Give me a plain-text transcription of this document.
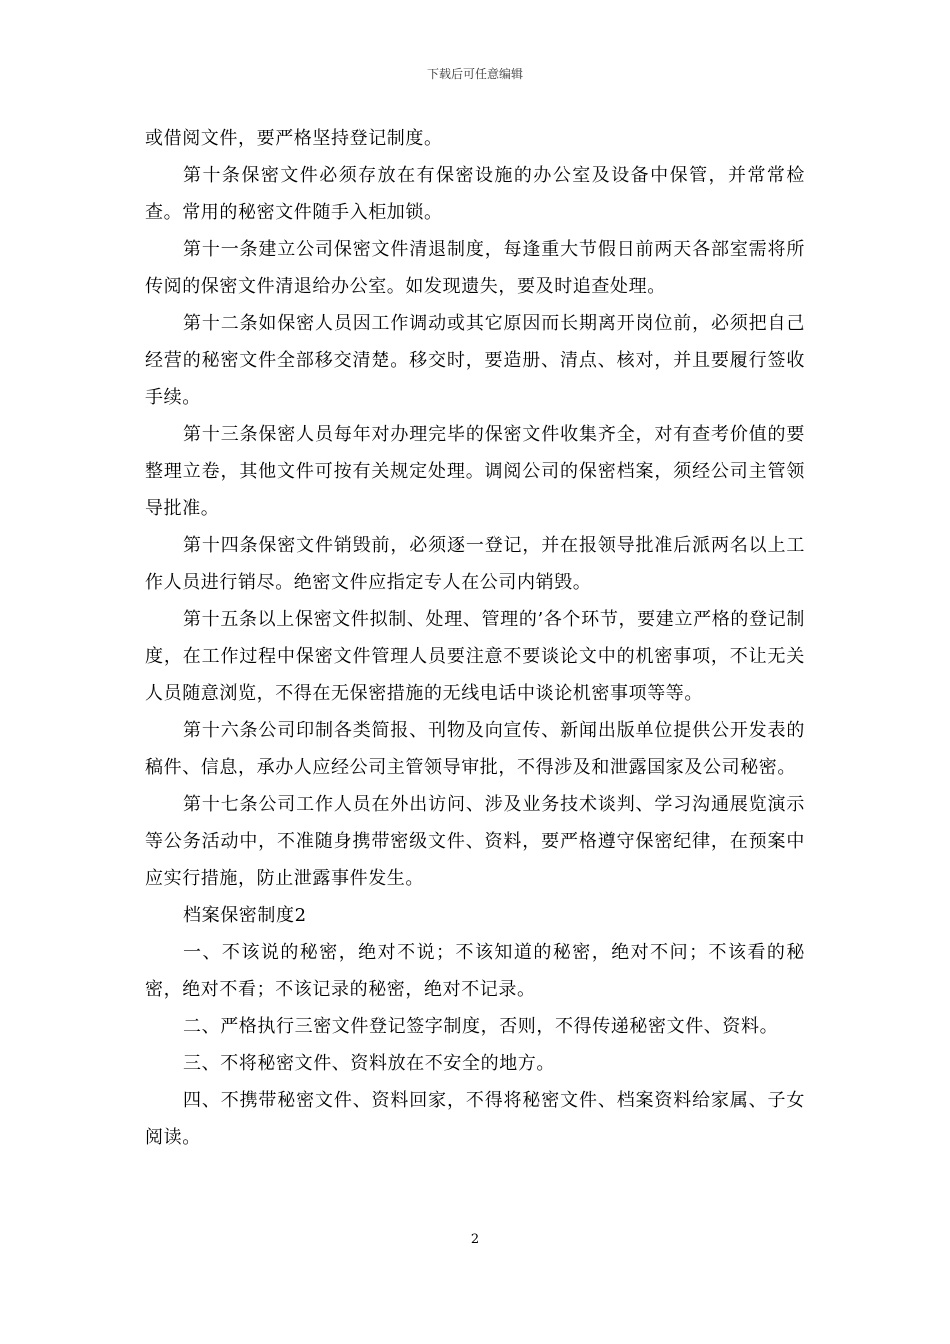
下载后可任意编辑

或借阅文件，要严格坚持登记制度。

第十条保密文件必须存放在有保密设施的办公室及设备中保管，并常常检查。常用的秘密文件随手入柜加锁。

第十一条建立公司保密文件清退制度，每逢重大节假日前两天各部室需将所传阅的保密文件清退给办公室。如发现遗失，要及时追查处理。

第十二条如保密人员因工作调动或其它原因而长期离开岗位前，必须把自己经营的秘密文件全部移交清楚。移交时，要造册、清点、核对，并且要履行签收手续。

第十三条保密人员每年对办理完毕的保密文件收集齐全，对有查考价值的要整理立卷，其他文件可按有关规定处理。调阅公司的保密档案，须经公司主管领导批准。

第十四条保密文件销毁前，必须逐一登记，并在报领导批准后派两名以上工作人员进行销尽。绝密文件应指定专人在公司内销毁。

第十五条以上保密文件拟制、处理、管理的’各个环节，要建立严格的登记制度，在工作过程中保密文件管理人员要注意不要谈论文中的机密事项，不让无关人员随意浏览，不得在无保密措施的无线电话中谈论机密事项等等。

第十六条公司印制各类简报、刊物及向宣传、新闻出版单位提供公开发表的稿件、信息，承办人应经公司主管领导审批，不得涉及和泄露国家及公司秘密。

第十七条公司工作人员在外出访问、涉及业务技术谈判、学习沟通展览演示等公务活动中，不准随身携带密级文件、资料，要严格遵守保密纪律，在预案中应实行措施，防止泄露事件发生。

档案保密制度2

一、不该说的秘密，绝对不说；不该知道的秘密，绝对不问；不该看的秘密，绝对不看；不该记录的秘密，绝对不记录。

二、严格执行三密文件登记签字制度，否则，不得传递秘密文件、资料。

三、不将秘密文件、资料放在不安全的地方。

四、不携带秘密文件、资料回家，不得将秘密文件、档案资料给家属、子女阅读。

2
